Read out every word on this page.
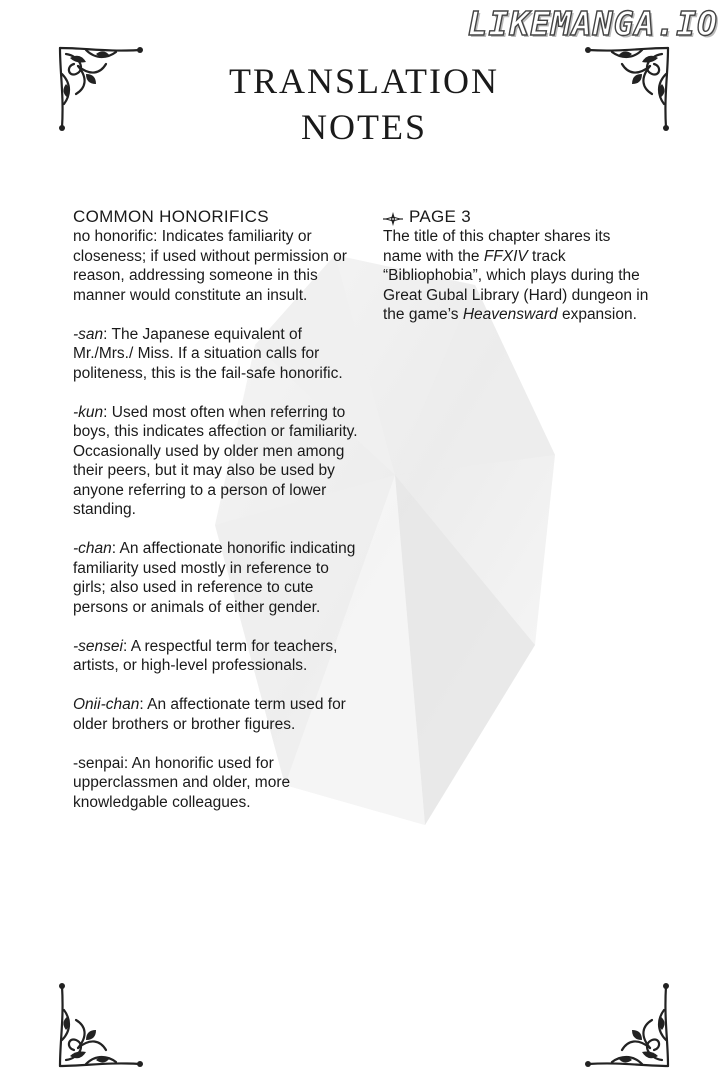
LIKEMANGA.IO
TRANSLATION
NOTES
COMMON HONORIFICS

no honorific: Indicates familiarity or closeness; if used without permission or reason, addressing someone in this manner would constitute an insult.

-san: The Japanese equivalent of Mr./Mrs./ Miss. If a situation calls for politeness, this is the fail-safe honorific.

-kun: Used most often when referring to boys, this indicates affection or familiarity. Occasionally used by older men among their peers, but it may also be used by anyone referring to a person of lower standing.

-chan: An affectionate honorific indicating familiarity used mostly in reference to girls; also used in reference to cute persons or animals of either gender.

-sensei: A respectful term for teachers, artists, or high-level professionals.

Onii-chan: An affectionate term used for older brothers or brother figures.

-senpai: An honorific used for upperclassmen and older, more knowledgable colleagues.

PAGE 3

The title of this chapter shares its name with the FFXIV track “Bibliophobia”, which plays during the Great Gubal Library (Hard) dungeon in the game’s Heavensward expansion.
